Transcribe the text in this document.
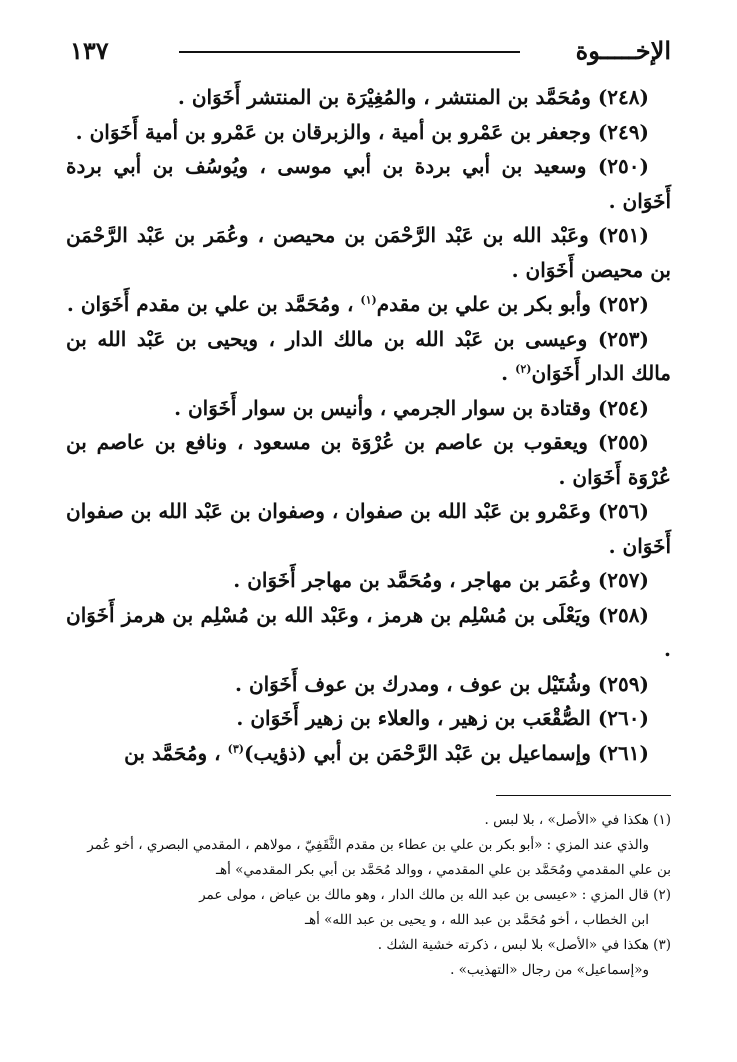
الإخـــــوة
١٣٧

(٢٤٨) ومُحَمَّد بن المنتشر ، والمُغِيْرَة بن المنتشر أَخَوَان .

(٢٤٩) وجعفر بن عَمْرو بن أمية ، والزبرقان بن عَمْرو بن أمية أَخَوَان .

(٢٥٠) وسعيد بن أبي بردة بن أبي موسى ، ويُوسُف بن أبي بردة أَخَوَان .

(٢٥١) وعَبْد الله بن عَبْد الرَّحْمَن بن محيصن ، وعُمَر بن عَبْد الرَّحْمَن بن محيصن أَخَوَان .

(٢٥٢) وأبو بكر بن علي بن مقدم$^{(١)}$ ، ومُحَمَّد بن علي بن مقدم أَخَوَان .

(٢٥٣) وعيسى بن عَبْد الله بن مالك الدار ، ويحيى بن عَبْد الله بن مالك الدار أَخَوَان$^{(٢)}$ .

(٢٥٤) وقتادة بن سوار الجرمي ، وأنيس بن سوار أَخَوَان .

(٢٥٥) ويعقوب بن عاصم بن عُرْوَة بن مسعود ، ونافع بن عاصم بن عُرْوَة أَخَوَان .

(٢٥٦) وعَمْرو بن عَبْد الله بن صفوان ، وصفوان بن عَبْد الله بن صفوان أَخَوَان .

(٢٥٧) وعُمَر بن مهاجر ، ومُحَمَّد بن مهاجر أَخَوَان .

(٢٥٨) ويَعْلَى بن مُسْلِم بن هرمز ، وعَبْد الله بن مُسْلِم بن هرمز أَخَوَان .

(٢٥٩) وشُتَيْل بن عوف ، ومدرك بن عوف أَخَوَان .

(٢٦٠) الصُّقْعَب بن زهير ، والعلاء بن زهير أَخَوَان .

(٢٦١) وإسماعيل بن عَبْد الرَّحْمَن بن أبي (ذؤيب)$^{(٣)}$ ، ومُحَمَّد بن

(١) هكذا في «الأصل» ، بلا لبس .

والذي عند المزي : «أبو بكر بن علي بن عطاء بن مقدم الثَّقَفِيّ ، مولاهم ، المقدمي البصري ، أخو عُمر

بن علي المقدمي ومُحَمَّد بن علي المقدمي ، ووالد مُحَمَّد بن أبي بكر المقدمي» أهـ

(٢) قال المزي : «عيسى بن عبد الله بن مالك الدار ، وهو مالك بن عياض ، مولى عمر

ابن الخطاب ، أخو مُحَمَّد بن عبد الله ، و يحيى بن عبد الله» أهـ

(٣) هكذا في «الأصل» بلا لبس ، ذكرته خشية الشك .

و«إسماعيل» من رجال «التهذيب» .
